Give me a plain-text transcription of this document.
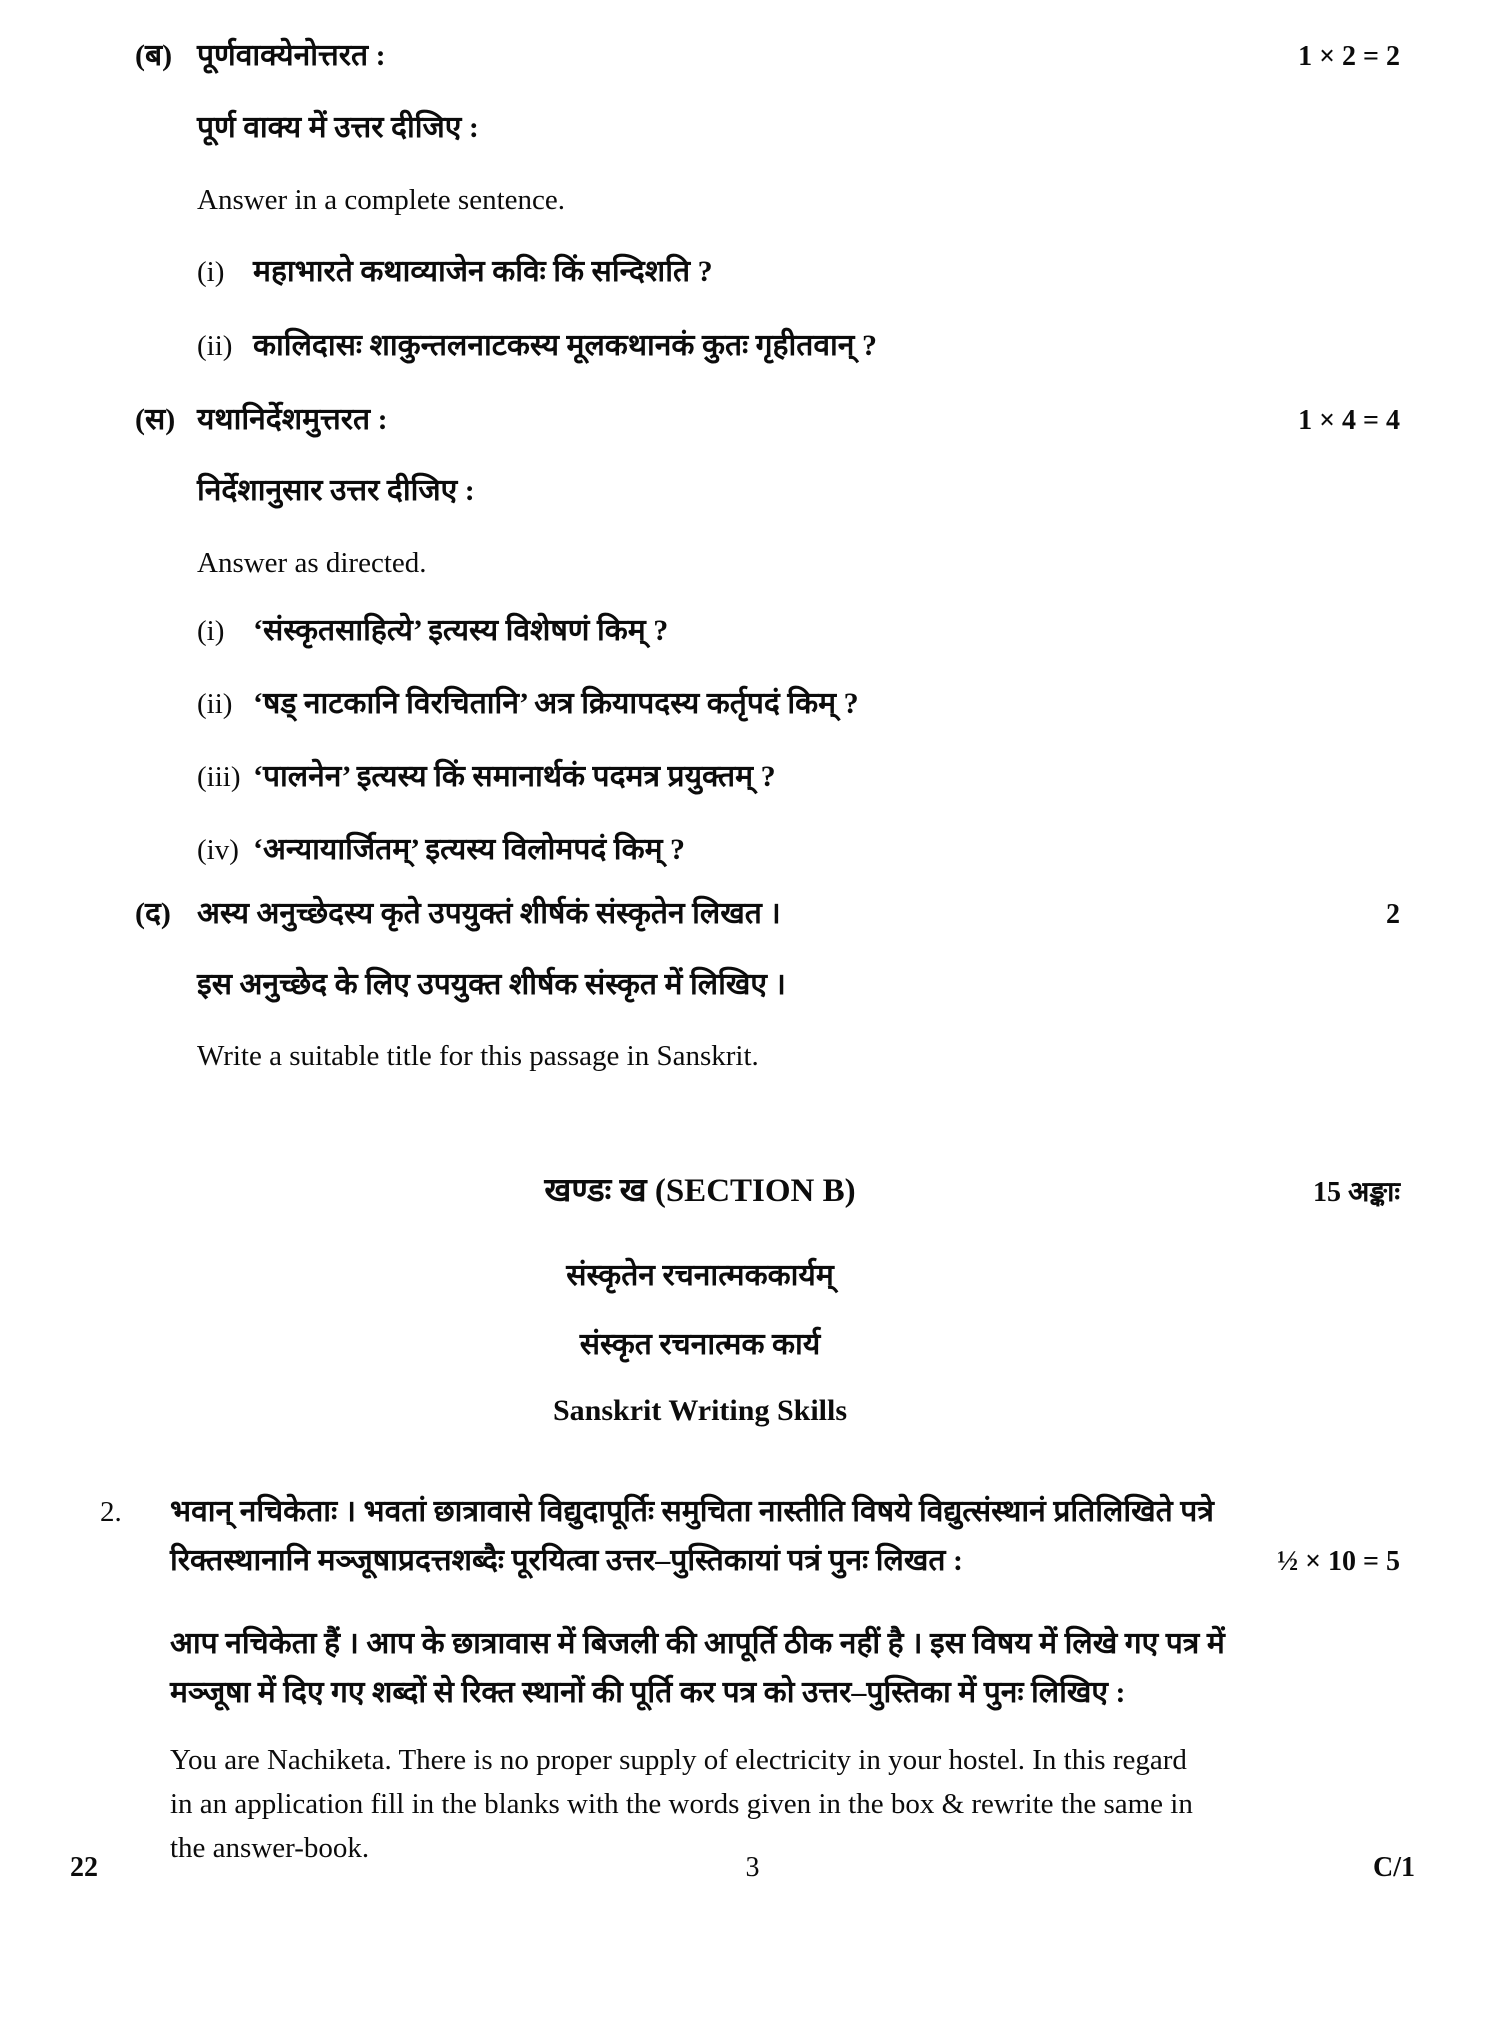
(ब) पूर्णवाक्येनोत्तरत :	1 × 2 = 2
पूर्ण वाक्य में उत्तर दीजिए :
Answer in a complete sentence.
(i) महाभारते कथाव्याजेन कविः किं सन्दिशति ?
(ii) कालिदासः शाकुन्तलनाटकस्य मूलकथानकं कुतः गृहीतवान् ?
(स) यथानिर्देशमुत्तरत :	1 × 4 = 4
निर्देशानुसार उत्तर दीजिए :
Answer as directed.
(i) ‘संस्कृतसाहित्ये’ इत्यस्य विशेषणं किम् ?
(ii) ‘षड् नाटकानि विरचितानि’ अत्र क्रियापदस्य कर्तृपदं किम् ?
(iii) ‘पालनेन’ इत्यस्य किं समानार्थकं पदमत्र प्रयुक्तम् ?
(iv) ‘अन्यायार्जितम्’ इत्यस्य विलोमपदं किम् ?
(द) अस्य अनुच्छेदस्य कृते उपयुक्तं शीर्षकं संस्कृतेन लिखत ।	2
इस अनुच्छेद के लिए उपयुक्त शीर्षक संस्कृत में लिखिए ।
Write a suitable title for this passage in Sanskrit.
खण्डः ख (SECTION B)	15 अङ्काः
संस्कृतेन रचनात्मककार्यम्
संस्कृत रचनात्मक कार्य
Sanskrit Writing Skills
2.	भवान् नचिकेताः । भवतां छात्रावासे विद्युदापूर्तिः समुचिता नास्तीति विषये विद्युत्संस्थानं प्रतिलिखिते पत्रे
रिक्तस्थानानि मञ्जूषाप्रदत्तशब्दैः पूरयित्वा उत्तर–पुस्तिकायां पत्रं पुनः लिखत :	½ × 10 = 5
आप नचिकेता हैं । आप के छात्रावास में बिजली की आपूर्ति ठीक नहीं है । इस विषय में लिखे गए पत्र में
मञ्जूषा में दिए गए शब्दों से रिक्त स्थानों की पूर्ति कर पत्र को उत्तर–पुस्तिका में पुनः लिखिए :
You are Nachiketa. There is no proper supply of electricity in your hostel. In this regard
in an application fill in the blanks with the words given in the box & rewrite the same in
the answer-book.
22	3	C/1
